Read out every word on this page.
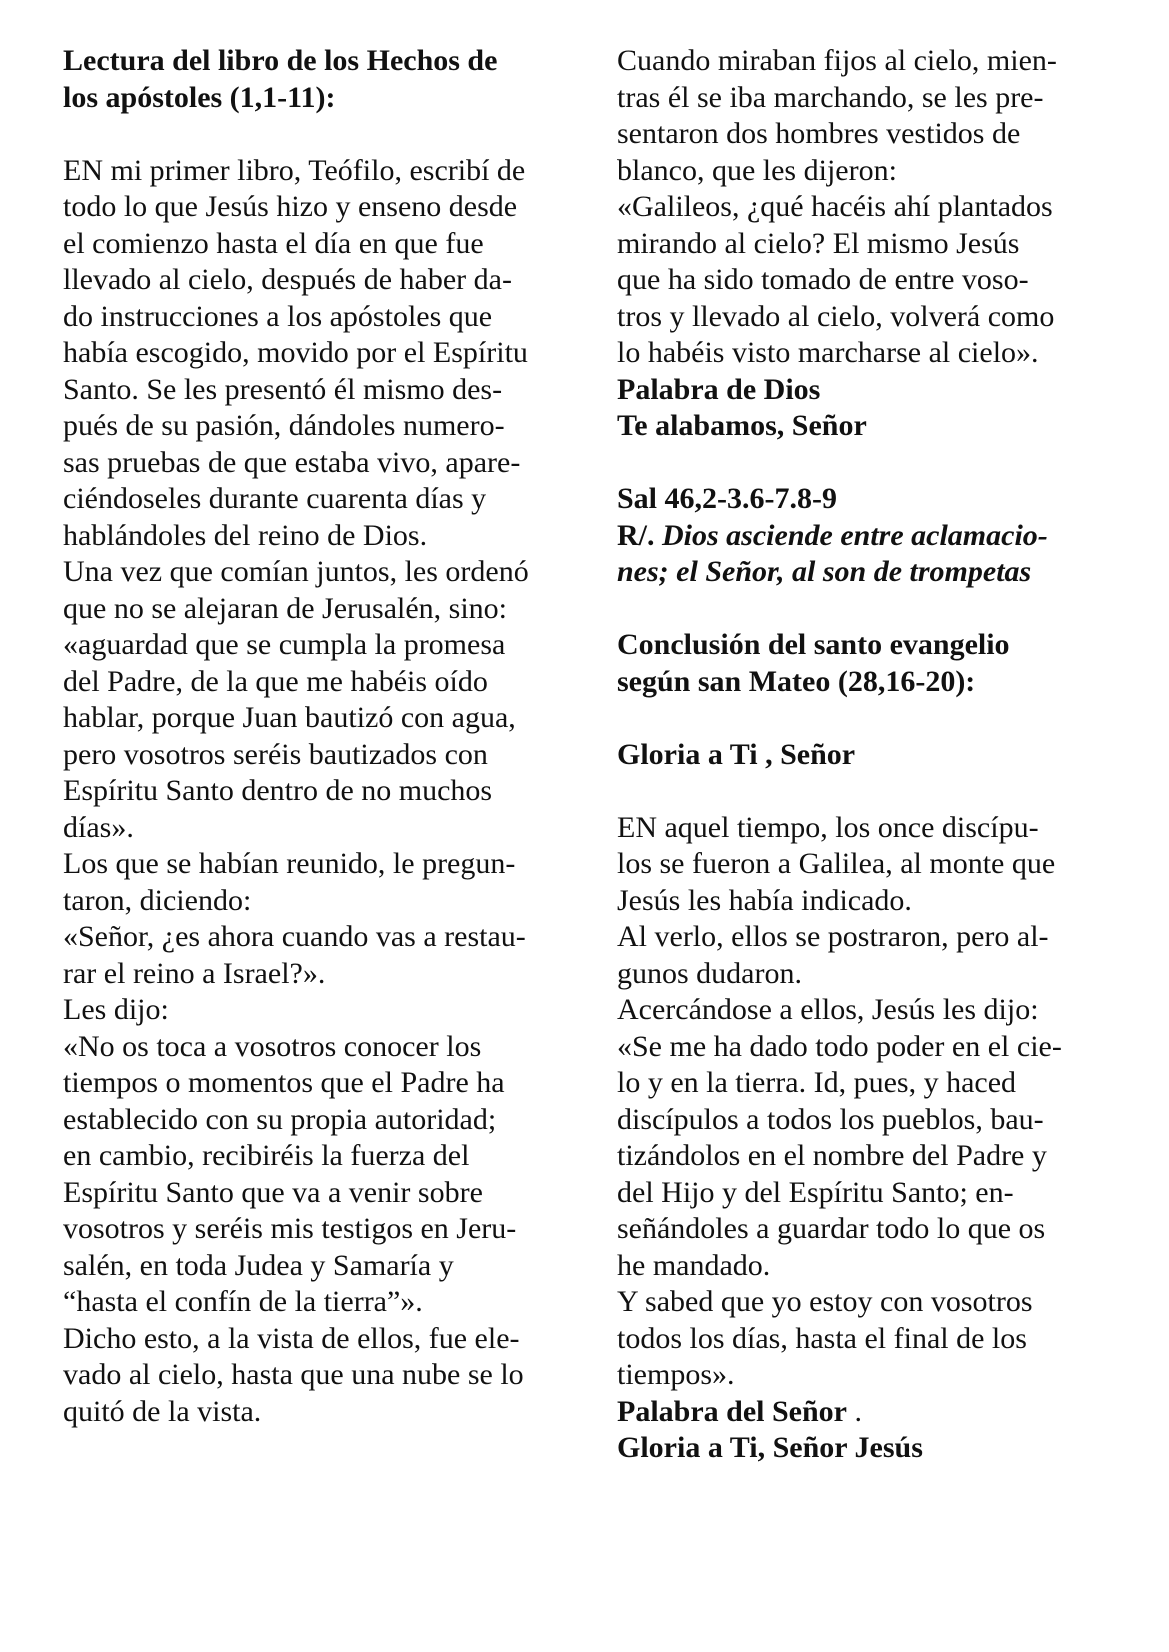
Lectura del libro de los Hechos de
los apóstoles (1,1-11):
EN mi primer libro, Teófilo, escribí de
todo lo que Jesús hizo y enseno desde
el comienzo hasta el día en que fue
llevado al cielo, después de haber da-
do instrucciones a los apóstoles que
había escogido, movido por el Espíritu
Santo. Se les presentó él mismo des-
pués de su pasión, dándoles numero-
sas pruebas de que estaba vivo, apare-
ciéndoseles durante cuarenta días y
hablándoles del reino de Dios.
Una vez que comían juntos, les ordenó
que no se alejaran de Jerusalén, sino:
«aguardad que se cumpla la promesa
del Padre, de la que me habéis oído
hablar, porque Juan bautizó con agua,
pero vosotros seréis bautizados con
Espíritu Santo dentro de no muchos
días».
Los que se habían reunido, le pregun-
taron, diciendo:
«Señor, ¿es ahora cuando vas a restau-
rar el reino a Israel?».
Les dijo:
«No os toca a vosotros conocer los
tiempos o momentos que el Padre ha
establecido con su propia autoridad;
en cambio, recibiréis la fuerza del
Espíritu Santo que va a venir sobre
vosotros y seréis mis testigos en Jeru-
salén, en toda Judea y Samaría y
“hasta el confín de la tierra”».
Dicho esto, a la vista de ellos, fue ele-
vado al cielo, hasta que una nube se lo
quitó de la vista.
Cuando miraban fijos al cielo, mien-
tras él se iba marchando, se les pre-
sentaron dos hombres vestidos de
blanco, que les dijeron:
«Galileos, ¿qué hacéis ahí plantados
mirando al cielo? El mismo Jesús
que ha sido tomado de entre voso-
tros y llevado al cielo, volverá como
lo habéis visto marcharse al cielo».
Palabra de Dios
Te alabamos, Señor
Sal 46,2-3.6-7.8-9
R/. Dios asciende entre aclamacio-
nes; el Señor, al son de trompetas
Conclusión del santo evangelio
según san Mateo (28,16-20):
Gloria a Ti , Señor
EN aquel tiempo, los once discípu-
los se fueron a Galilea, al monte que
Jesús les había indicado.
Al verlo, ellos se postraron, pero al-
gunos dudaron.
Acercándose a ellos, Jesús les dijo:
«Se me ha dado todo poder en el cie-
lo y en la tierra. Id, pues, y haced
discípulos a todos los pueblos, bau-
tizándolos en el nombre del Padre y
del Hijo y del Espíritu Santo; en-
señándoles a guardar todo lo que os
he mandado.
Y sabed que yo estoy con vosotros
todos los días, hasta el final de los
tiempos».
Palabra del Señor .
Gloria a Ti, Señor Jesús
